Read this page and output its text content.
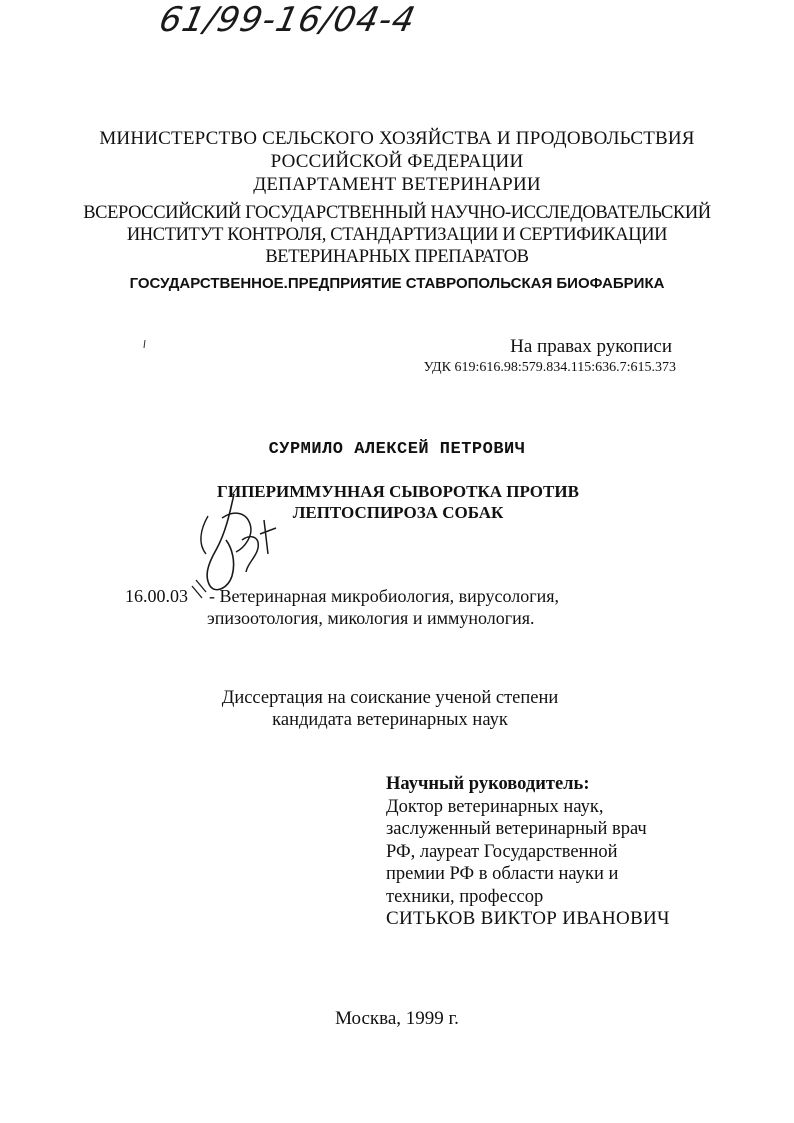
61/99-16/04-4
МИНИСТЕРСТВО СЕЛЬСКОГО ХОЗЯЙСТВА И ПРОДОВОЛЬСТВИЯ
РОССИЙСКОЙ ФЕДЕРАЦИИ
ДЕПАРТАМЕНТ ВЕТЕРИНАРИИ
ВСЕРОССИЙСКИЙ ГОСУДАРСТВЕННЫЙ НАУЧНО-ИССЛЕДОВАТЕЛЬСКИЙ
ИНСТИТУТ КОНТРОЛЯ, СТАНДАРТИЗАЦИИ И СЕРТИФИКАЦИИ
ВЕТЕРИНАРНЫХ ПРЕПАРАТОВ
ГОСУДАРСТВЕННОЕ.ПРЕДПРИЯТИЕ СТАВРОПОЛЬСКАЯ БИОФАБРИКА
На правах рукописи
УДК 619:616.98:579.834.115:636.7:615.373
СУРМИЛО АЛЕКСЕЙ ПЕТРОВИЧ
ГИПЕРИММУННАЯ СЫВОРОТКА ПРОТИВ
ЛЕПТОСПИРОЗА СОБАК
16.00.03 - Ветеринарная микробиология, вирусология,
эпизоотология, микология и иммунология.
Диссертация на соискание ученой степени
кандидата ветеринарных наук
Научный руководитель:
Доктор ветеринарных наук,
заслуженный ветеринарный врач
РФ, лауреат Государственной
премии РФ в области науки и
техники, профессор
СИТЬКОВ ВИКТОР ИВАНОВИЧ
Москва, 1999 г.
